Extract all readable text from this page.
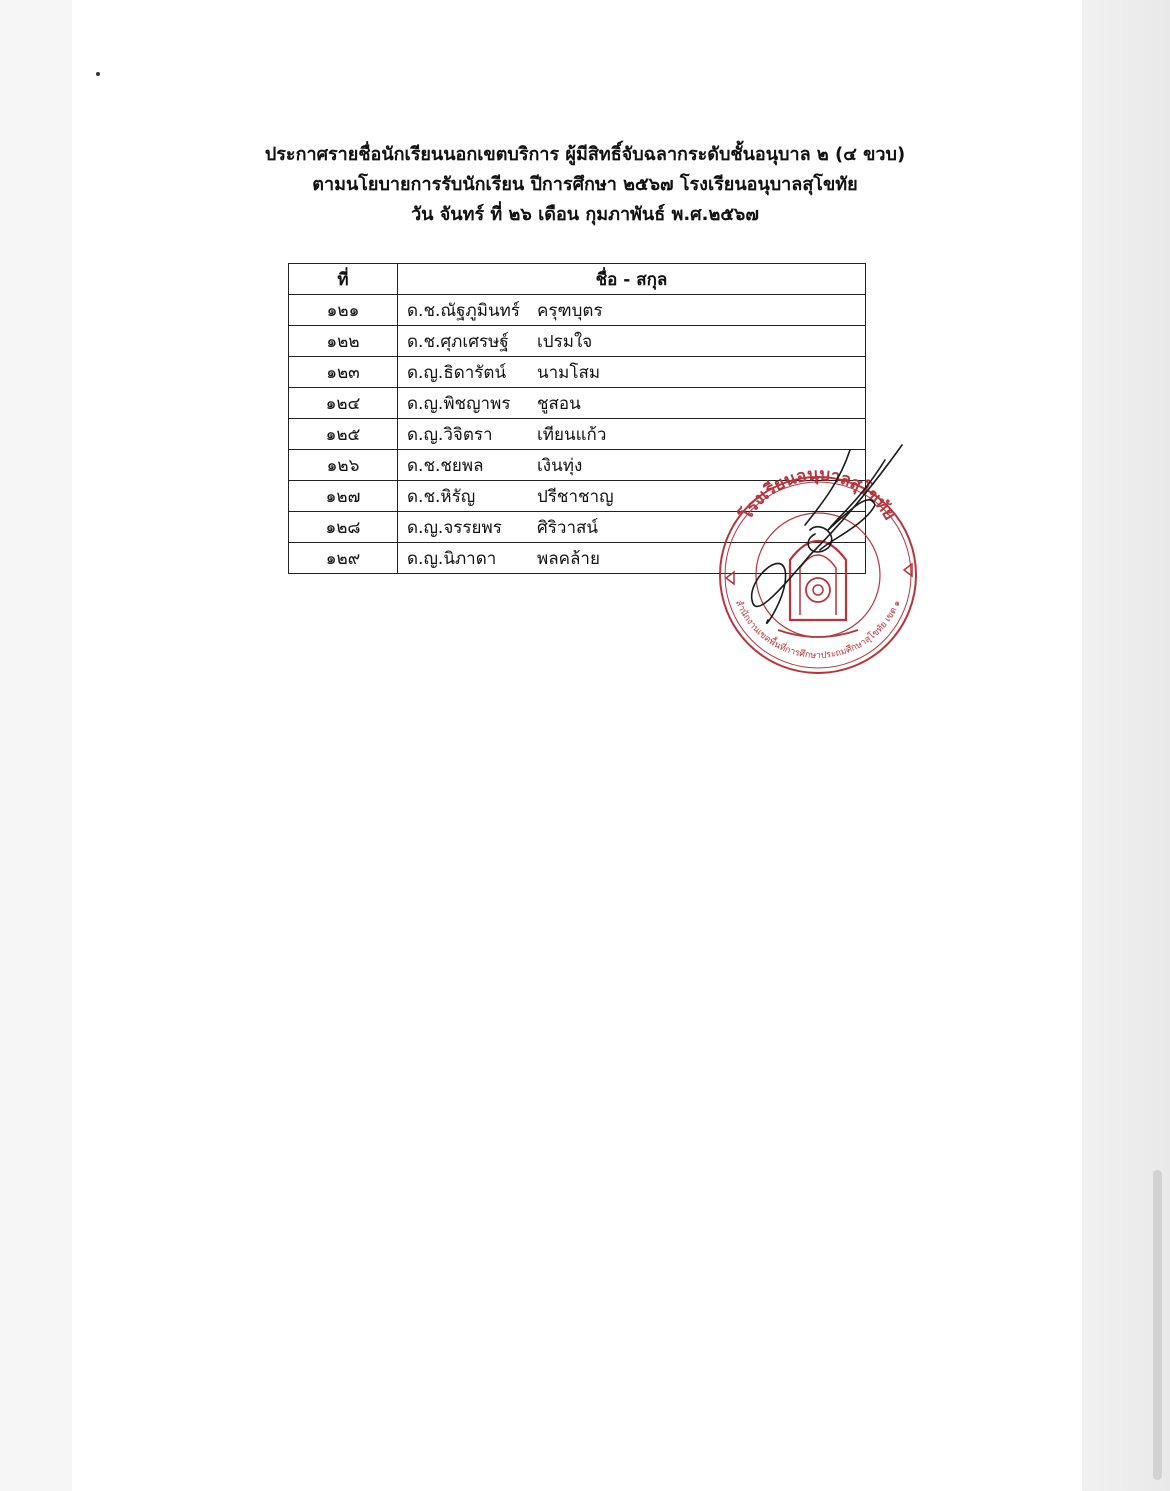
ประกาศรายชื่อนักเรียนนอกเขตบริการ ผู้มีสิทธิ์จับฉลากระดับชั้นอนุบาล ๒ (๔ ขวบ)
ตามนโยบายการรับนักเรียน ปีการศึกษา ๒๕๖๗ โรงเรียนอนุบาลสุโขทัย
วัน จันทร์ ที่ ๒๖ เดือน กุมภาพันธ์ พ.ศ.๒๕๖๗
ที่	ชื่อ - สกุล
๑๒๑	ด.ช.ณัฐภูมินทร์ ครุฑบุตร
๑๒๒	ด.ช.ศุภเศรษฐ์ เปรมใจ
๑๒๓	ด.ญ.ธิดารัตน์ นามโสม
๑๒๔	ด.ญ.พิชญาพร ชูสอน
๑๒๕	ด.ญ.วิจิตรา เทียนแก้ว
๑๒๖	ด.ช.ชยพล เงินทุ่ง
๑๒๗	ด.ช.หิรัญ ปรีชาชาญ
๑๒๘	ด.ญ.จรรยพร ศิริวาสน์
๑๒๙	ด.ญ.นิภาดา พลคล้าย
โรงเรียนอนุบาลสุโขทัย
สำนักงานเขตพื้นที่การศึกษาประถมศึกษาสุโขทัย เขต ๑
